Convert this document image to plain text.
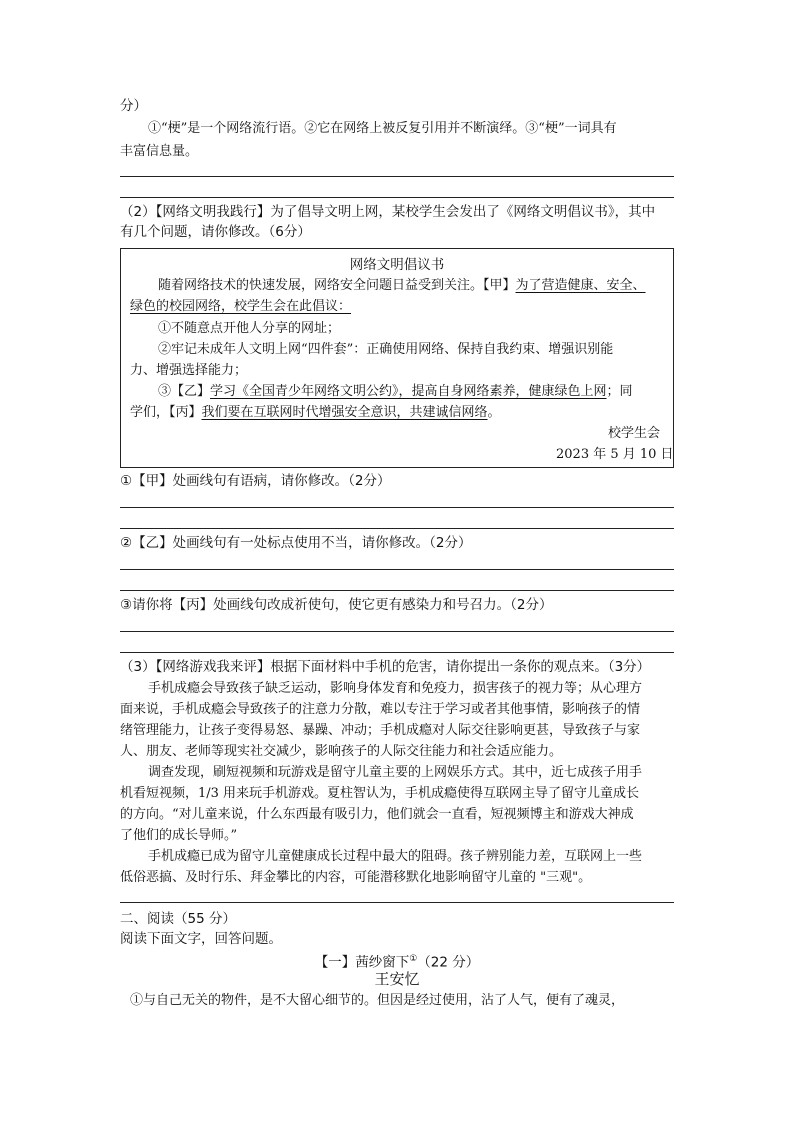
分）
①“梗”是一个网络流行语。②它在网络上被反复引用并不断演绎。③“梗”一词具有
丰富信息量。
（2）【网络文明我践行】为了倡导文明上网，某校学生会发出了《网络文明倡议书》，其中
有几个问题，请你修改。（6分）
网络文明倡议书
随着网络技术的快速发展，网络安全问题日益受到关注。【甲】为了营造健康、安全、
绿色的校园网络，校学生会在此倡议：
①不随意点开他人分享的网址；
②牢记未成年人文明上网“四件套”：正确使用网络、保持自我约束、增强识别能
力、增强选择能力；
③【乙】学习《全国青少年网络文明公约》，提高自身网络素养，健康绿色上网；同
学们，【丙】我们要在互联网时代增强安全意识，共建诚信网络。
校学生会
2023 年 5 月 10 日
①【甲】处画线句有语病，请你修改。（2分）
②【乙】处画线句有一处标点使用不当，请你修改。（2分）
③请你将【丙】处画线句改成祈使句，使它更有感染力和号召力。（2分）
（3）【网络游戏我来评】根据下面材料中手机的危害，请你提出一条你的观点来。（3分）
手机成瘾会导致孩子缺乏运动，影响身体发育和免疫力，损害孩子的视力等；从心理方
面来说，手机成瘾会导致孩子的注意力分散，难以专注于学习或者其他事情，影响孩子的情
绪管理能力，让孩子变得易怒、暴躁、冲动；手机成瘾对人际交往影响更甚，导致孩子与家
人、朋友、老师等现实社交减少，影响孩子的人际交往能力和社会适应能力。
调查发现，刷短视频和玩游戏是留守儿童主要的上网娱乐方式。其中，近七成孩子用手
机看短视频，1/3 用来玩手机游戏。夏柱智认为，手机成瘾使得互联网主导了留守儿童成长
的方向。“对儿童来说，什么东西最有吸引力，他们就会一直看，短视频博主和游戏大神成
了他们的成长导师。”
手机成瘾已成为留守儿童健康成长过程中最大的阻碍。孩子辨别能力差，互联网上一些
低俗恶搞、及时行乐、拜金攀比的内容，可能潜移默化地影响留守儿童的 "三观"。
二、阅读（55 分）
阅读下面文字，回答问题。
【一】茜纱窗下①（22 分）
王安忆
①与自己无关的物件，是不大留心细节的。但因是经过使用，沾了人气，便有了魂灵，
